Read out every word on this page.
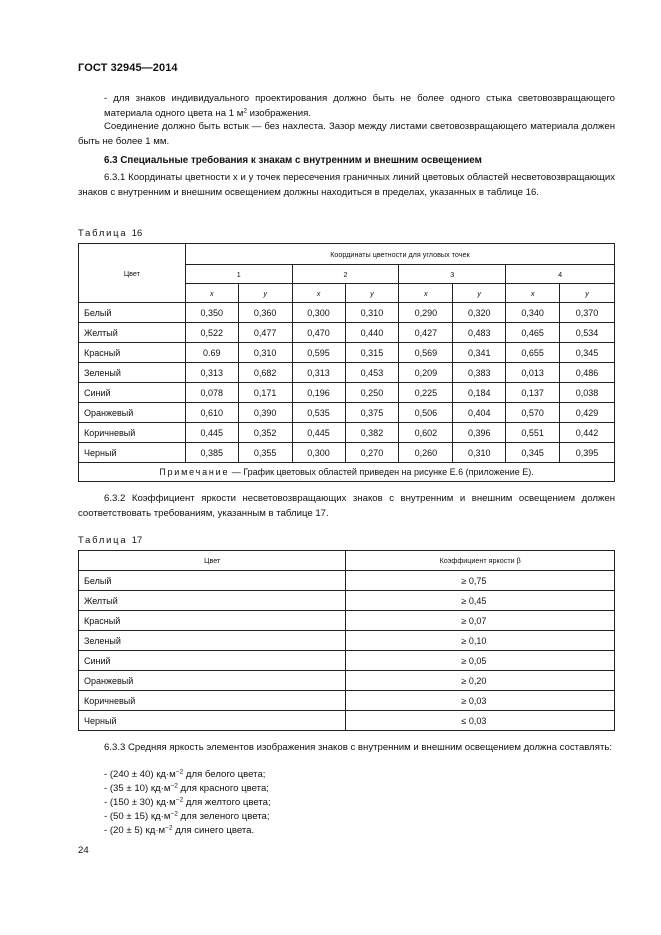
ГОСТ 32945—2014
- для знаков индивидуального проектирования должно быть не более одного стыка световозвращающего материала одного цвета на 1 $м^2$ изображения.
Соединение должно быть встык — без нахлеста. Зазор между листами световозвращающего материала должен быть не более 1 мм.
6.3 Специальные требования к знакам с внутренним и внешним освещением
6.3.1 Координаты цветности x и y точек пересечения граничных линий цветовых областей несветовозвращающих знаков с внутренним и внешним освещением должны находиться в пределах, указанных в таблице 16.
Таблица 16
Цвет	Координаты цветности для угловых точек							
	1		2		3		4	
	x	y	x	y	x	y	x	y
Белый	0,350	0,360	0,300	0,310	0,290	0,320	0,340	0,370
Желтый	0,522	0,477	0,470	0,440	0,427	0,483	0,465	0,534
Красный	0.69	0,310	0,595	0,315	0,569	0,341	0,655	0,345
Зеленый	0,313	0,682	0,313	0,453	0,209	0,383	0,013	0,486
Синий	0,078	0,171	0,196	0,250	0,225	0,184	0,137	0,038
Оранжевый	0,610	0,390	0,535	0,375	0,506	0,404	0,570	0,429
Коричневый	0,445	0,352	0,445	0,382	0,602	0,396	0,551	0,442
Черный	0,385	0,355	0,300	0,270	0,260	0,310	0,345	0,395
Примечание — График цветовых областей приведен на рисунке Е.6 (приложение Е).								
6.3.2 Коэффициент яркости несветовозвращающих знаков с внутренним и внешним освещением должен соответствовать требованиям, указанным в таблице 17.
Таблица 17
Цвет	Коэффициент яркости β
Белый	≥ 0,75
Желтый	≥ 0,45
Красный	≥ 0,07
Зеленый	≥ 0,10
Синий	≥ 0,05
Оранжевый	≥ 0,20
Коричневый	≥ 0,03
Черный	≤ 0,03
6.3.3 Средняя яркость элементов изображения знаков с внутренним и внешним освещением должна составлять:
- (240 ± 40) $кд\cdot м^{-2}$ для белого цвета;
- (35 ± 10) $кд\cdot м^{-2}$ для красного цвета;
- (150 ± 30) $кд\cdot м^{-2}$ для желтого цвета;
- (50 ± 15) $кд\cdot м^{-2}$ для зеленого цвета;
- (20 ± 5) $кд\cdot м^{-2}$ для синего цвета.
24
